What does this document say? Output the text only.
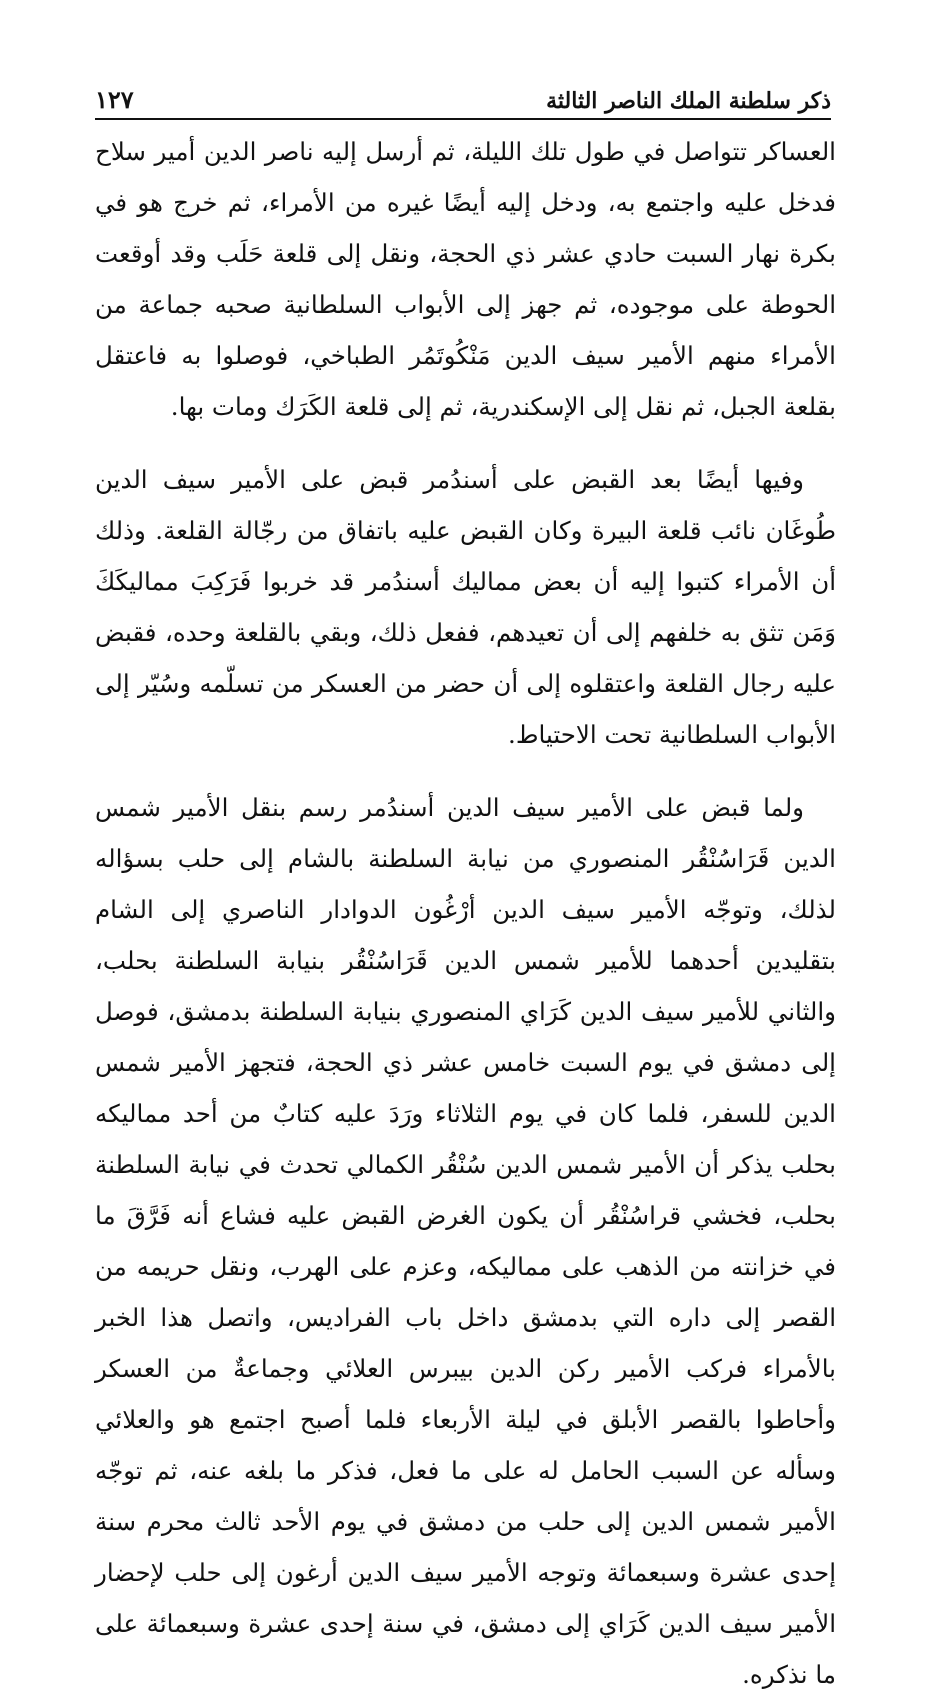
ذكر سلطنة الملك الناصر الثالثة
١٢٧

العساكر تتواصل في طول تلك الليلة، ثم أرسل إليه ناصر الدين أمير سلاح فدخل عليه واجتمع به، ودخل إليه أيضًا غيره من الأمراء، ثم خرج هو في بكرة نهار السبت حادي عشر ذي الحجة، ونقل إلى قلعة حَلَب وقد أوقعت الحوطة على موجوده، ثم جهز إلى الأبواب السلطانية صحبه جماعة من الأمراء منهم الأمير سيف الدين مَنْكُوتَمُر الطباخي، فوصلوا به فاعتقل بقلعة الجبل، ثم نقل إلى الإسكندرية، ثم إلى قلعة الكَرَك ومات بها.

وفيها أيضًا بعد القبض على أسندُمر قبض على الأمير سيف الدين طُوغَان نائب قلعة البيرة وكان القبض عليه باتفاق من رجّالة القلعة. وذلك أن الأمراء كتبوا إليه أن بعض مماليك أسندُمر قد خربوا فَرَكِبَ مماليكَكَ وَمَن تثق به خلفهم إلى أن تعيدهم، ففعل ذلك، وبقي بالقلعة وحده، فقبض عليه رجال القلعة واعتقلوه إلى أن حضر من العسكر من تسلّمه وسُيّر إلى الأبواب السلطانية تحت الاحتياط.

ولما قبض على الأمير سيف الدين أسندُمر رسم بنقل الأمير شمس الدين قَرَاسُنْقُر المنصوري من نيابة السلطنة بالشام إلى حلب بسؤاله لذلك، وتوجّه الأمير سيف الدين أرْغُون الدوادار الناصري إلى الشام بتقليدين أحدهما للأمير شمس الدين قَرَاسُنْقُر بنيابة السلطنة بحلب، والثاني للأمير سيف الدين كَرَاي المنصوري بنيابة السلطنة بدمشق، فوصل إلى دمشق في يوم السبت خامس عشر ذي الحجة، فتجهز الأمير شمس الدين للسفر، فلما كان في يوم الثلاثاء ورَدَ عليه كتابٌ من أحد مماليكه بحلب يذكر أن الأمير شمس الدين سُنْقُر الكمالي تحدث في نيابة السلطنة بحلب، فخشي قراسُنْقُر أن يكون الغرض القبض عليه فشاع أنه فَرَّقَ ما في خزانته من الذهب على مماليكه، وعزم على الهرب، ونقل حريمه من القصر إلى داره التي بدمشق داخل باب الفراديس، واتصل هذا الخبر بالأمراء فركب الأمير ركن الدين بيبرس العلائي وجماعةٌ من العسكر وأحاطوا بالقصر الأبلق في ليلة الأربعاء فلما أصبح اجتمع هو والعلائي وسأله عن السبب الحامل له على ما فعل، فذكر ما بلغه عنه، ثم توجّه الأمير شمس الدين إلى حلب من دمشق في يوم الأحد ثالث محرم سنة إحدى عشرة وسبعمائة وتوجه الأمير سيف الدين أرغون إلى حلب لإحضار الأمير سيف الدين كَرَاي إلى دمشق، في سنة إحدى عشرة وسبعمائة على ما نذكره.
